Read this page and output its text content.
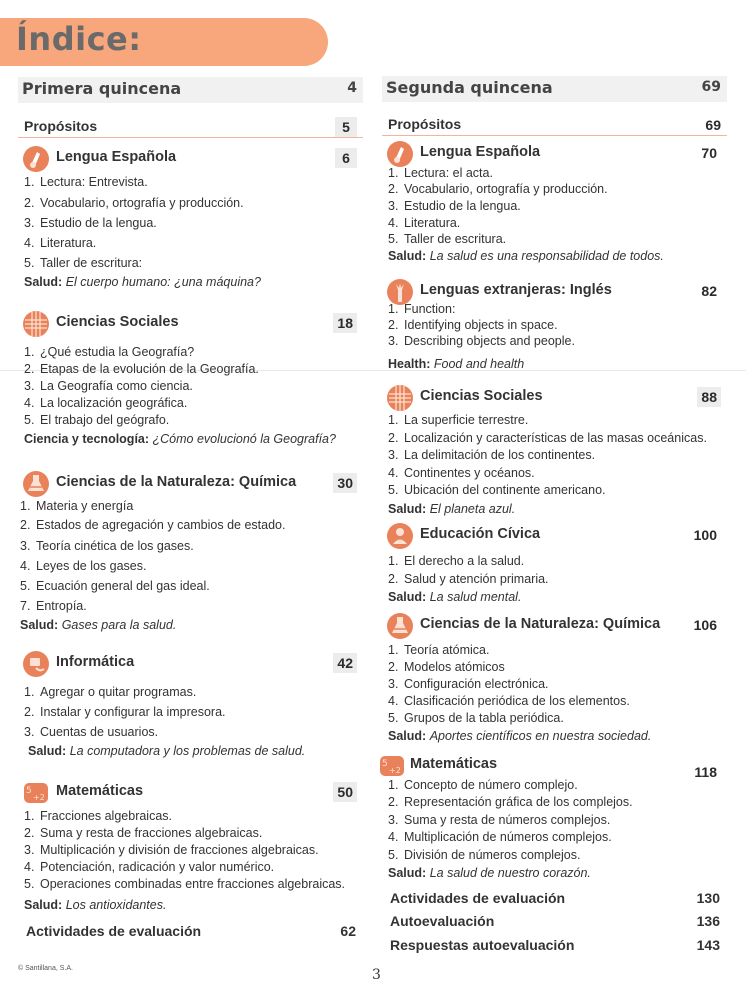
Índice:
Primera quincena	4
Propósitos	5
Lengua Española	6
1. Lectura: Entrevista.
2. Vocabulario, ortografía y producción.
3. Estudio de la lengua.
4. Literatura.
5. Taller de escritura:
Salud: El cuerpo humano: ¿una máquina?
Ciencias Sociales	18
1. ¿Qué estudia la Geografía?
2. Etapas de la evolución de la Geografía.
3. La Geografía como ciencia.
4. La localización geográfica.
5. El trabajo del geógrafo.
Ciencia y tecnología: ¿Cómo evolucionó la Geografía?
Ciencias de la Naturaleza: Química	30
1. Materia y energía
2. Estados de agregación y cambios de estado.
3. Teoría cinética de los gases.
4. Leyes de los gases.
5. Ecuación general del gas ideal.
7. Entropía.
Salud: Gases para la salud.
Informática	42
1. Agregar o quitar programas.
2. Instalar y configurar la impresora.
3. Cuentas de usuarios.
Salud: La computadora y los problemas de salud.
5
+2 Matemáticas	50
1. Fracciones algebraicas.
2. Suma y resta de fracciones algebraicas.
3. Multiplicación y división de fracciones algebraicas.
4. Potenciación, radicación y valor numérico.
5. Operaciones combinadas entre fracciones algebraicas.
Salud: Los antioxidantes.
Actividades de evaluación	62
Segunda quincena	69
Propósitos	69
Lengua Española	70
1. Lectura: el acta.
2. Vocabulario, ortografía y producción.
3. Estudio de la lengua.
4. Literatura.
5. Taller de escritura.
Salud: La salud es una responsabilidad de todos.
Lenguas extranjeras: Inglés	82
1. Function:
2. Identifying objects in space.
3. Describing objects and people.
Health: Food and health
Ciencias Sociales	88
1. La superficie terrestre.
2. Localización y características de las masas oceánicas.
3. La delimitación de los continentes.
4. Continentes y océanos.
5. Ubicación del continente americano.
Salud: El planeta azul.
Educación Cívica	100
1. El derecho a la salud.
2. Salud y atención primaria.
Salud: La salud mental.
Ciencias de la Naturaleza: Química 106
1. Teoría atómica.
2. Modelos atómicos
3. Configuración electrónica.
4. Clasificación periódica de los elementos.
5. Grupos de la tabla periódica.
Salud: Aportes científicos en nuestra sociedad.
5
+2 Matemáticas	118
1. Concepto de número complejo.
2. Representación gráfica de los complejos.
3. Suma y resta de números complejos.
4. Multiplicación de números complejos.
5. División de números complejos.
Salud: La salud de nuestro corazón.
Actividades de evaluación	130
Autoevaluación	136
Respuestas autoevaluación	143
© Santillana, S.A.	3
